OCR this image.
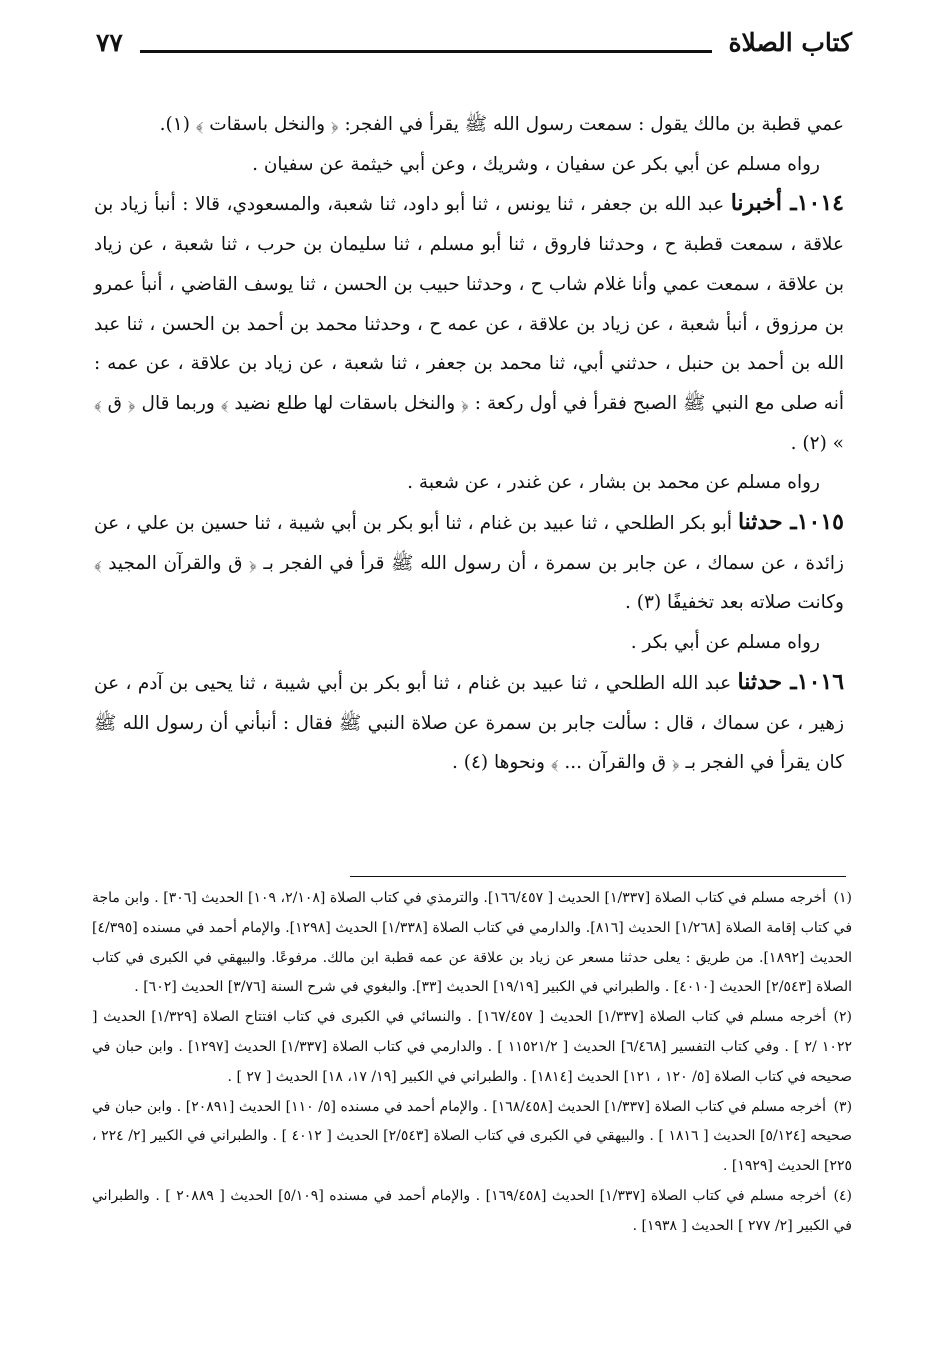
كتاب الصلاة
٧٧

عمي قطبة بن مالك يقول : سمعت رسول الله ﷺ يقرأ في الفجر: ﴿ والنخل باسقات ﴾ (١).

رواه مسلم عن أبي بكر عن سفيان ، وشريك ، وعن أبي خيثمة عن سفيان .

١٠١٤ـ أخبرنا عبد الله بن جعفر ، ثنا يونس ، ثنا أبو داود، ثنا شعبة، والمسعودي، قالا : أنبأ زياد بن علاقة ، سمعت قطبة ح ، وحدثنا فاروق ، ثنا أبو مسلم ، ثنا سليمان بن حرب ، ثنا شعبة ، عن زياد بن علاقة ، سمعت عمي وأنا غلام شاب ح ، وحدثنا حبيب بن الحسن ، ثنا يوسف القاضي ، أنبأ عمرو بن مرزوق ، أنبأ شعبة ، عن زياد بن علاقة ، عن عمه ح ، وحدثنا محمد بن أحمد بن الحسن ، ثنا عبد الله بن أحمد بن حنبل ، حدثني أبي، ثنا محمد بن جعفر ، ثنا شعبة ، عن زياد بن علاقة ، عن عمه : أنه صلى مع النبي ﷺ الصبح فقرأ في أول ركعة : ﴿ والنخل باسقات لها طلع نضيد ﴾ وربما قال ﴿ ق ﴾ » (٢) .

رواه مسلم عن محمد بن بشار ، عن غندر ، عن شعبة .

١٠١٥ـ حدثنا أبو بكر الطلحي ، ثنا عبيد بن غنام ، ثنا أبو بكر بن أبي شيبة ، ثنا حسين بن علي ، عن زائدة ، عن سماك ، عن جابر بن سمرة ، أن رسول الله ﷺ قرأ في الفجر بـ ﴿ ق والقرآن المجيد ﴾ وكانت صلاته بعد تخفيفًا (٣) .

رواه مسلم عن أبي بكر .

١٠١٦ـ حدثنا عبد الله الطلحي ، ثنا عبيد بن غنام ، ثنا أبو بكر بن أبي شيبة ، ثنا يحيى بن آدم ، عن زهير ، عن سماك ، قال : سألت جابر بن سمرة عن صلاة النبي ﷺ فقال : أنبأني أن رسول الله ﷺ كان يقرأ في الفجر بـ ﴿ ق والقرآن ... ﴾ ونحوها (٤) .

(١)أخرجه مسلم في كتاب الصلاة [١/٣٣٧] الحديث [ ١٦٦/٤٥٧]. والترمذي في كتاب الصلاة [٢/١٠٨، ١٠٩] الحديث [٣٠٦] . وابن ماجة في كتاب إقامة الصلاة [١/٢٦٨] الحديث [٨١٦]. والدارمي في كتاب الصلاة [١/٣٣٨] الحديث [١٢٩٨]. والإمام أحمد في مسنده [٤/٣٩٥] الحديث [١٨٩٢]. من طريق : يعلى حدثنا مسعر عن زياد بن علاقة عن عمه قطبة ابن مالك. مرفوعًا. والبيهقي في الكبرى في كتاب الصلاة [٢/٥٤٣] الحديث [٤٠١٠] . والطبراني في الكبير [١٩/١٩] الحديث [٣٣]. والبغوي في شرح السنة [٣/٧٦] الحديث [٦٠٢] .

(٢)أخرجه مسلم في كتاب الصلاة [١/٣٣٧] الحديث [ ١٦٧/٤٥٧] . والنسائي في الكبرى في كتاب افتتاح الصلاة [١/٣٢٩] الحديث [ ١٠٢٢ /٢ ] . وفي كتاب التفسير [٦/٤٦٨] الحديث [ ١١٥٢١/٢ ] . والدارمي في كتاب الصلاة [١/٣٣٧] الحديث [١٢٩٧] . وابن حبان في صحيحه في كتاب الصلاة [٥/ ١٢٠ ، ١٢١] الحديث [١٨١٤] . والطبراني في الكبير [١٩/ ١٧، ١٨] الحديث [ ٢٧ ] .

(٣)أخرجه مسلم في كتاب الصلاة [١/٣٣٧] الحديث [١٦٨/٤٥٨] . والإمام أحمد في مسنده [٥/ ١١٠] الحديث [٢٠٨٩١] . وابن حبان في صحيحه [٥/١٢٤] الحديث [ ١٨١٦ ] . والبيهقي في الكبرى في كتاب الصلاة [٢/٥٤٣] الحديث [ ٤٠١٢ ] . والطبراني في الكبير [٢/ ٢٢٤ ، ٢٢٥] الحديث [١٩٢٩] .

(٤)أخرجه مسلم في كتاب الصلاة [١/٣٣٧] الحديث [١٦٩/٤٥٨] . والإمام أحمد في مسنده [٥/١٠٩] الحديث [ ٢٠٨٨٩ ] . والطبراني في الكبير [٢/ ٢٧٧ ] الحديث [ ١٩٣٨] .
